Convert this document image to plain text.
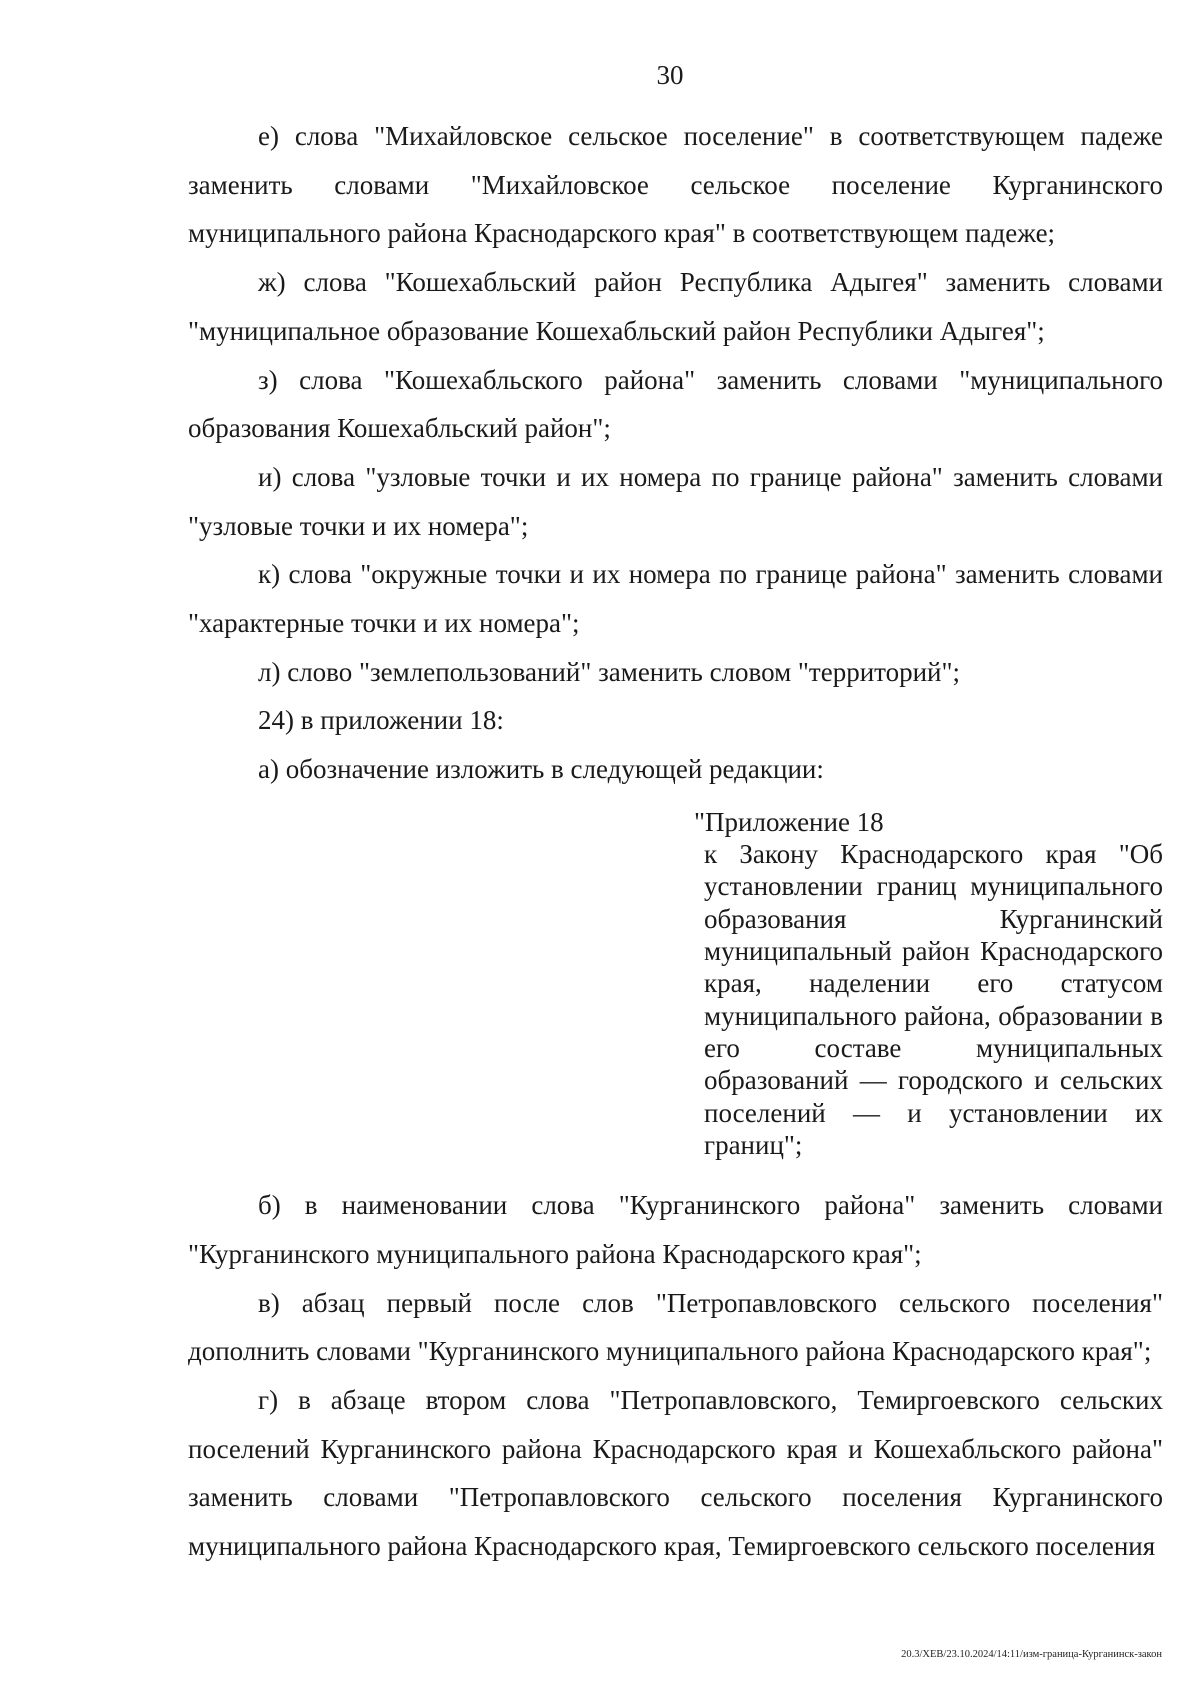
30

е) слова "Михайловское сельское поселение" в соответствующем падеже заменить словами "Михайловское сельское поселение Курганинского муниципального района Краснодарского края" в соответствующем падеже;

ж) слова "Кошехабльский район Республика Адыгея" заменить словами "муниципальное образование Кошехабльский район Республики Адыгея";

з) слова "Кошехабльского района" заменить словами "муниципального образования Кошехабльский район";

и) слова "узловые точки и их номера по границе района" заменить словами "узловые точки и их номера";

к) слова "окружные точки и их номера по границе района" заменить словами "характерные точки и их номера";

л) слово "землепользований" заменить словом "территорий";

24) в приложении 18:

а) обозначение изложить в следующей редакции:

"Приложение 18
к Закону Краснодарского края "Об установлении границ муниципального образования Курганинский муниципальный район Краснодарского края, наделении его статусом муниципального района, образовании в его составе муниципальных образований — городского и сельских поселений — и установлении их границ";

б) в наименовании слова "Курганинского района" заменить словами "Курганинского муниципального района Краснодарского края";

в) абзац первый после слов "Петропавловского сельского поселения" дополнить словами "Курганинского муниципального района Краснодарского края";

г) в абзаце втором слова "Петропавловского, Темиргоевского сельских поселений Курганинского района Краснодарского края и Кошехабльского района" заменить словами "Петропавловского сельского поселения Курганинского муниципального района Краснодарского края, Темиргоевского сельского поселения

20.3/ХЕВ/23.10.2024/14:11/изм-граница-Курганинск-закон
